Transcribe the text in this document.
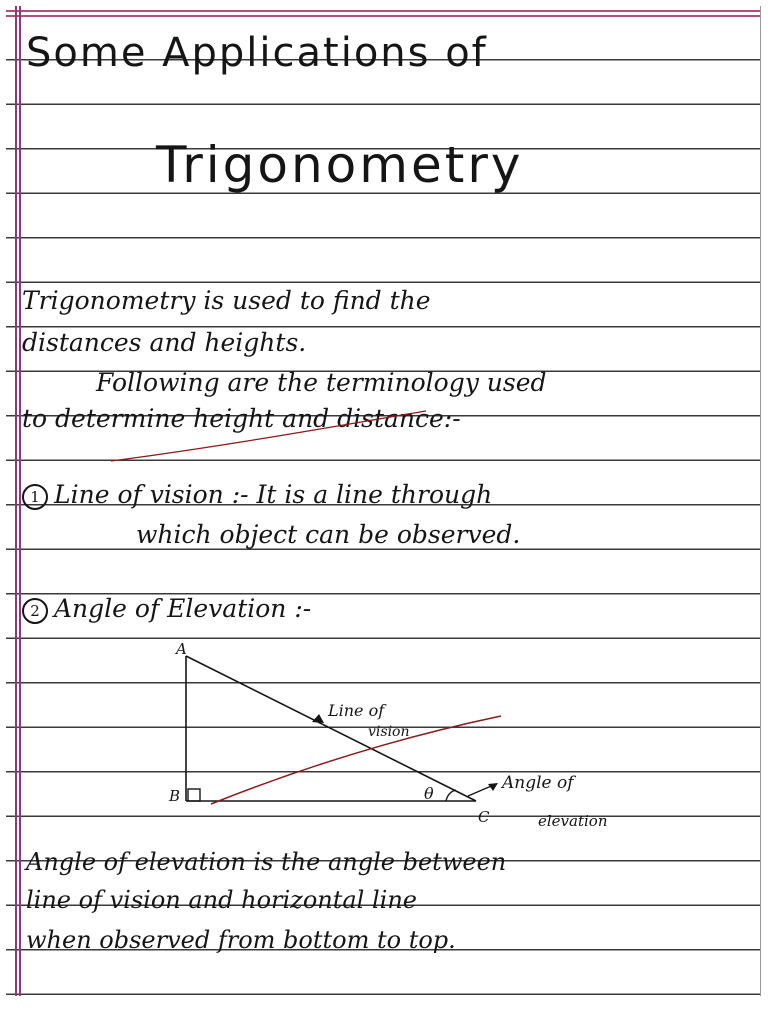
Some Applications of
Trigonometry
Trigonometry is used to find the
distances and heights.
Following are the terminology used
to determine height and distance:-
1 Line of vision :- It is a line through
which object can be observed.
2 Angle of Elevation :-
A
B
C
θ
Line of
vision
Angle of
elevation
Angle of elevation is the angle between
line of vision and horizontal line
when observed from bottom to top.
